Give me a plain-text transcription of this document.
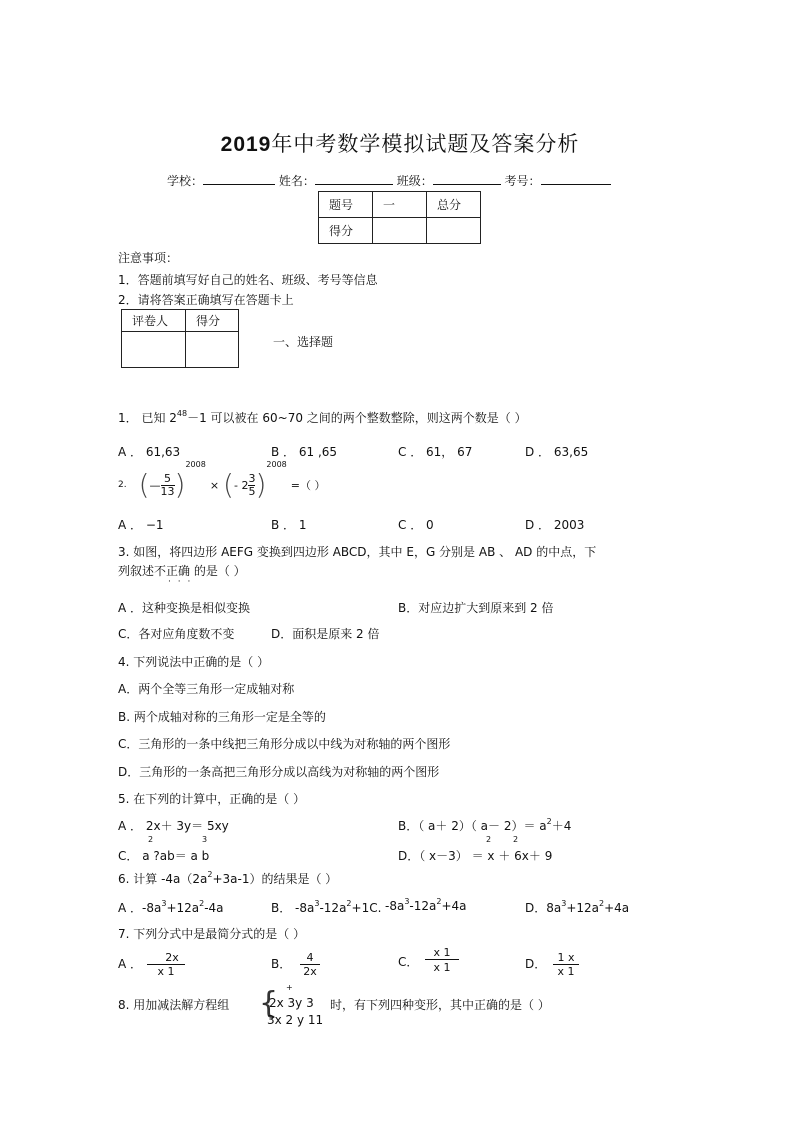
2019年中考数学模拟试题及答案分析
学校：	姓名：	班级：	考号：
题号	一	总分
得分		
注意事项：
1．答题前填写好自己的姓名、班级、考号等信息
2．请将答案正确填写在答题卡上
评卷人	得分

一、选择题
1． 已知 $2^{48}-1$ 可以被在 60~70 之间的两个整数整除，则这两个数是（ ）
A ． 61,63	B ． 61 ,65	C ． 61， 67	D ． 63,65
2. ( — $\frac{5}{13}$ )
2008
× ( - $2 \frac{3}{5}$ )
2008
=（ ）
A ． −1	B ． 1	C ． 0	D ． 2003
3. 如图，将四边形 AEFG 变换到四边形 ABCD，其中 E，G 分别是 AB 、 AD 的中点，下
列叙述不正确 的是（ ）
· · ·
A ．这种变换是相似变换	B．对应边扩大到原来到 2 倍
C．各对应角度数不变	D．面积是原来 2 倍
4. 下列说法中正确的是（ ）
A．两个全等三角形一定成轴对称
B. 两个成轴对称的三角形一定是全等的
C．三角形的一条中线把三角形分成以中线为对称轴的两个图形
D．三角形的一条高把三角形分成以高线为对称轴的两个图形
5. 在下列的计算中，正确的是（ ）
A ． 2x＋ 3y＝ 5xy	B．（ a＋ 2）（ $a- 2)= a^2+4$
2	3
C． a ?ab＝ a b
2	2
D．（ x－3） ＝ x ＋ 6x＋ 9
6. 计算 $-4a(2a^2+3a-1)$的结果是（ ）
A ．$-8a^3+12a^2-4a$	B． $-8a^3-12a^2+1C$. $-8a^3-12a^2+4a$	D．$8a^3+12a^2+4a$
7. 下列分式中是最简分式的是（ ）
A ． 2x
x 1
B． 4
2x
C．
x 1
x 1	D． 1 x
x 1
8. 用加减法解方程组 { +
2x 3y 3
3x 2 y 11
时，有下列四种变形，其中正确的是（ ）
